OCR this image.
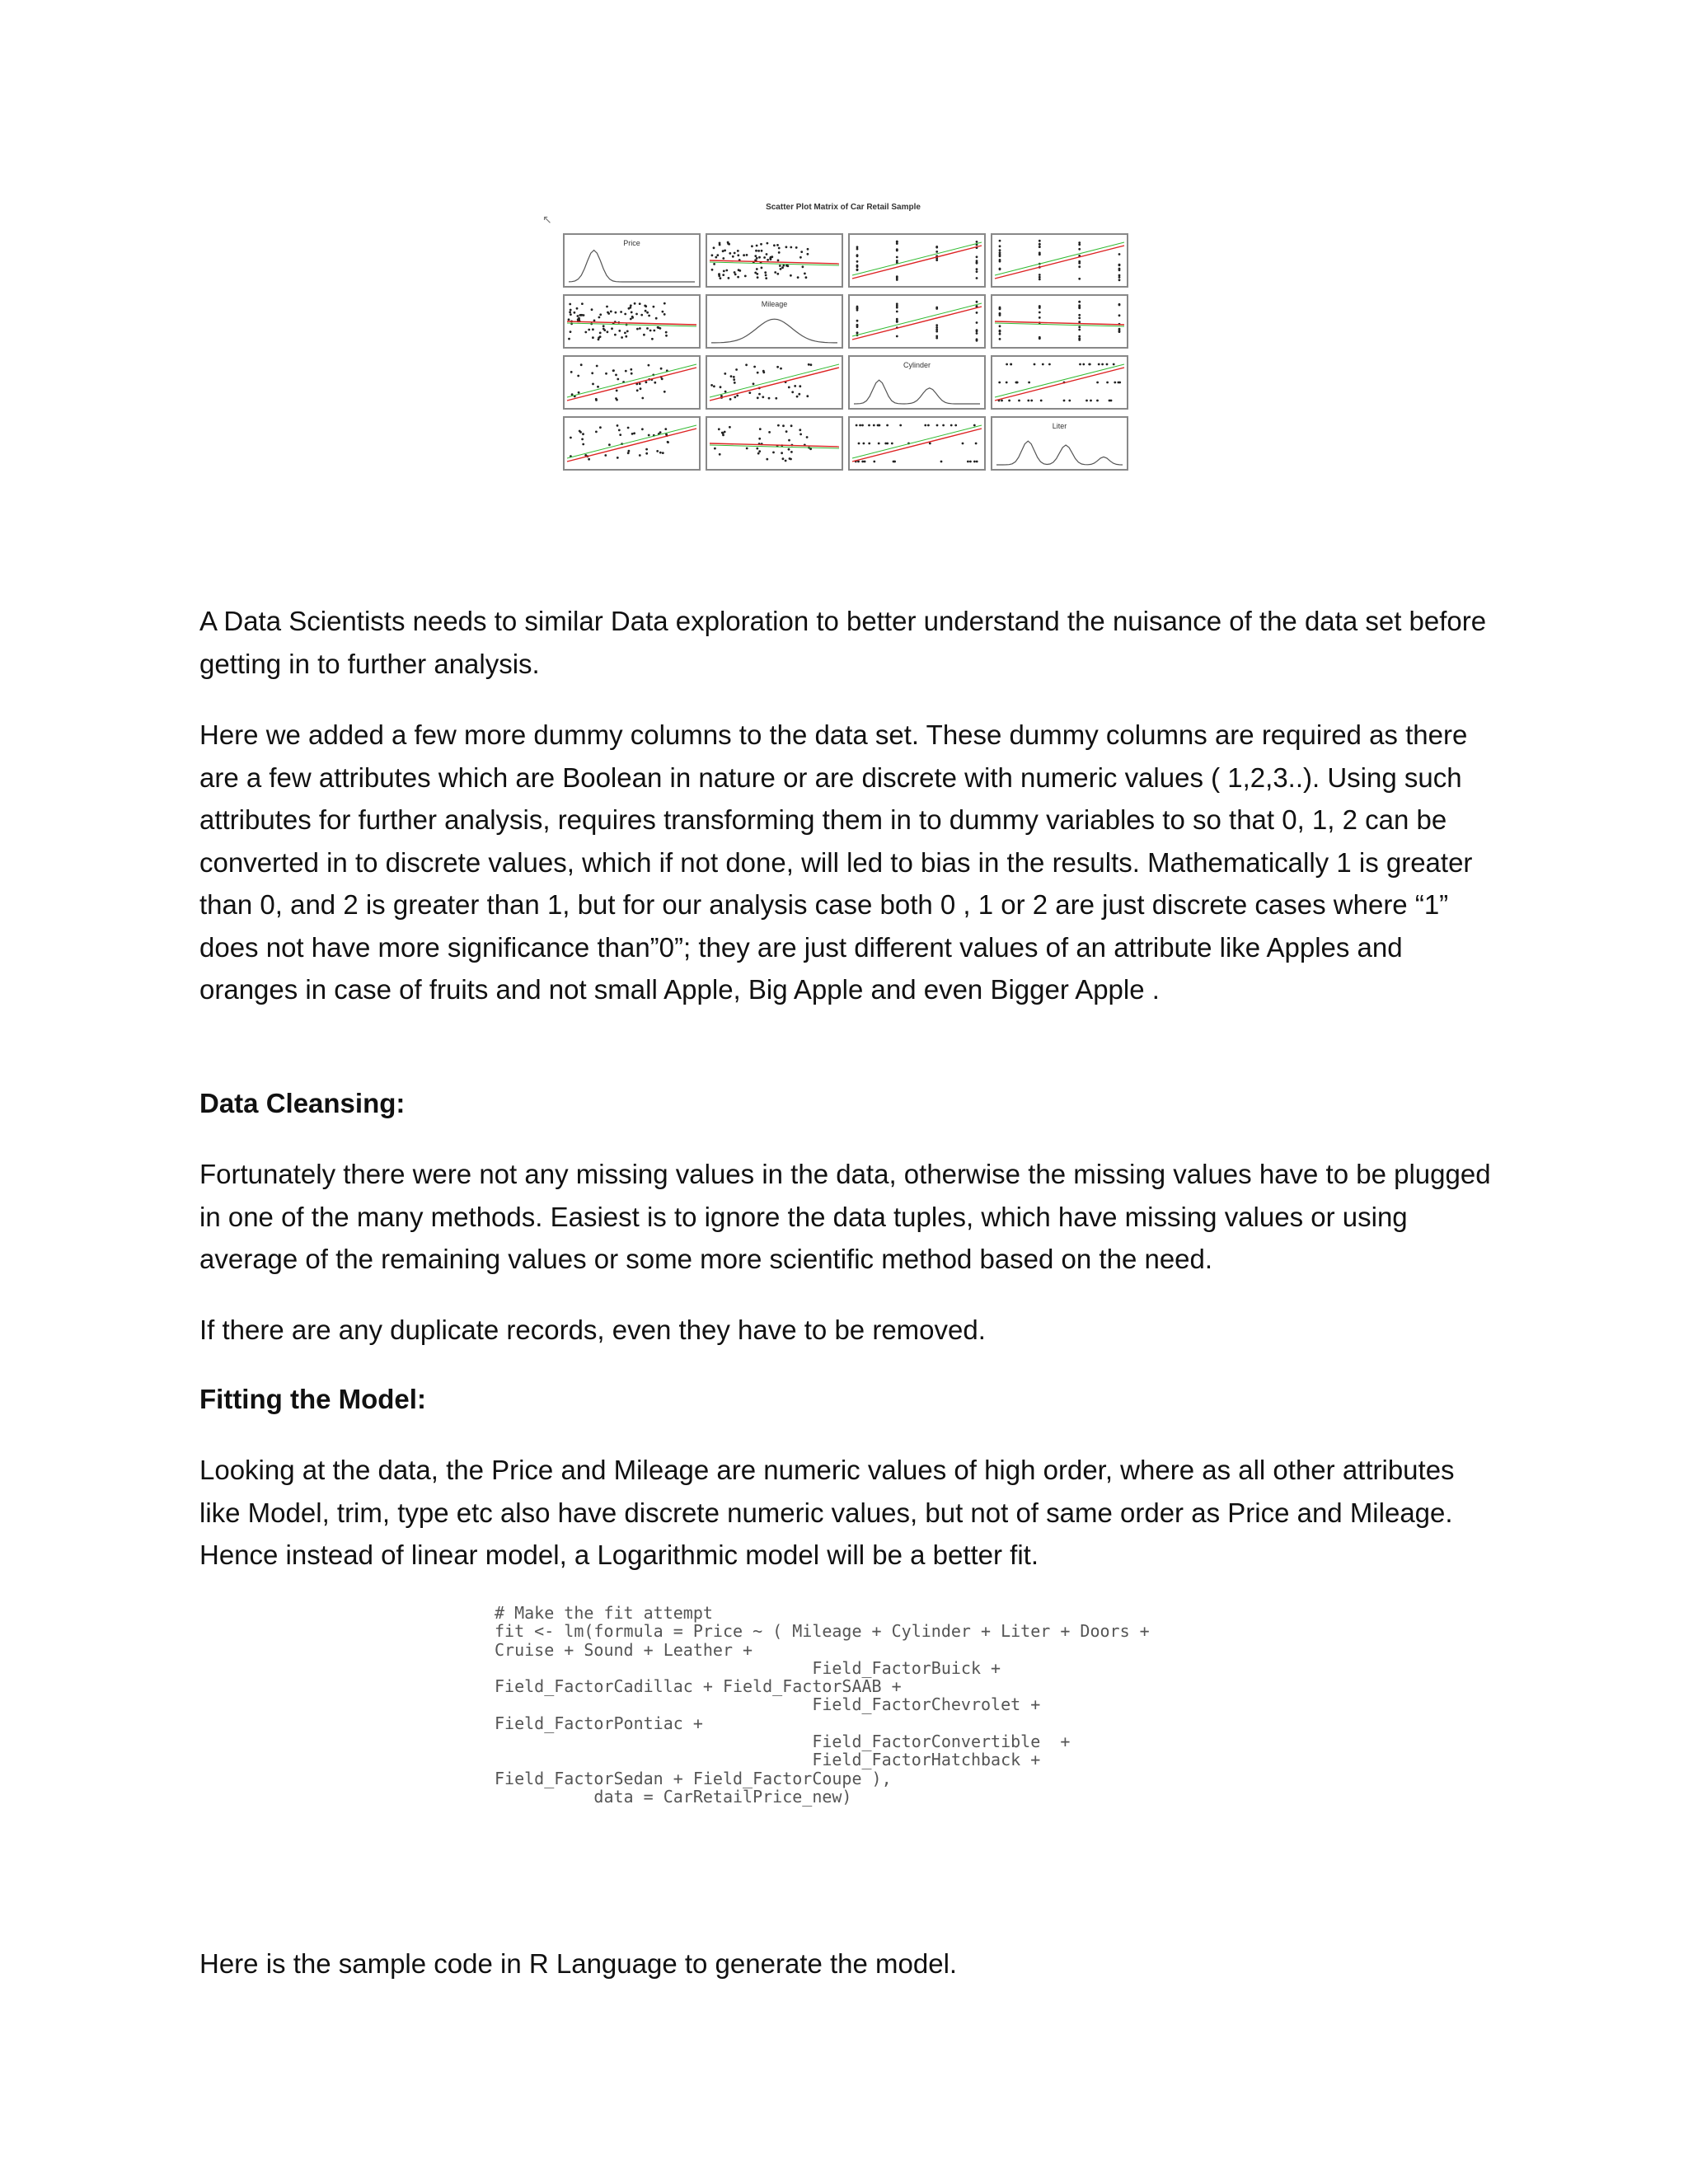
Scatter Plot Matrix of Car Retail Sample
↖
Price
Mileage
Cylinder
Liter

A Data Scientists needs to similar Data exploration to better understand the nuisance of the data set before getting in to further analysis.

Here we added a few more dummy columns to the data set. These dummy columns are required as there are a few attributes which are Boolean in nature or are discrete with numeric values ( 1,2,3..). Using such attributes for further analysis, requires transforming them in to dummy variables to so that 0, 1, 2 can be converted in to discrete values, which if not done, will led to bias in the results. Mathematically 1 is greater than 0, and 2 is greater than 1, but for our analysis case both 0 , 1 or 2 are just discrete cases where “1” does not have more significance than”0”; they are just different values of an attribute like Apples and oranges in case of fruits and not small Apple, Big Apple and even Bigger Apple .

Data Cleansing:

Fortunately there were not any missing values in the data, otherwise the missing values have to be plugged in one of the many methods. Easiest is to ignore the data tuples, which have missing values or using average of the remaining values or some more scientific method based on the need.

If there are any duplicate records, even they have to be removed.

Fitting the Model:

Looking at the data, the Price and Mileage are numeric values of high order, where as all other attributes like Model, trim, type etc also have discrete numeric values, but not of same order as Price and Mileage. Hence instead of linear model, a Logarithmic model will be a better fit.

# Make the fit attempt
fit <- lm(formula = Price ~ ( Mileage + Cylinder + Liter + Doors +
Cruise + Sound + Leather +
Field_FactorBuick +
Field_FactorCadillac + Field_FactorSAAB +
Field_FactorChevrolet +
Field_FactorPontiac +
Field_FactorConvertible  +
Field_FactorHatchback +
Field_FactorSedan + Field_FactorCoupe ),
data = CarRetailPrice_new)

Here is the sample code in R Language to generate the model.
